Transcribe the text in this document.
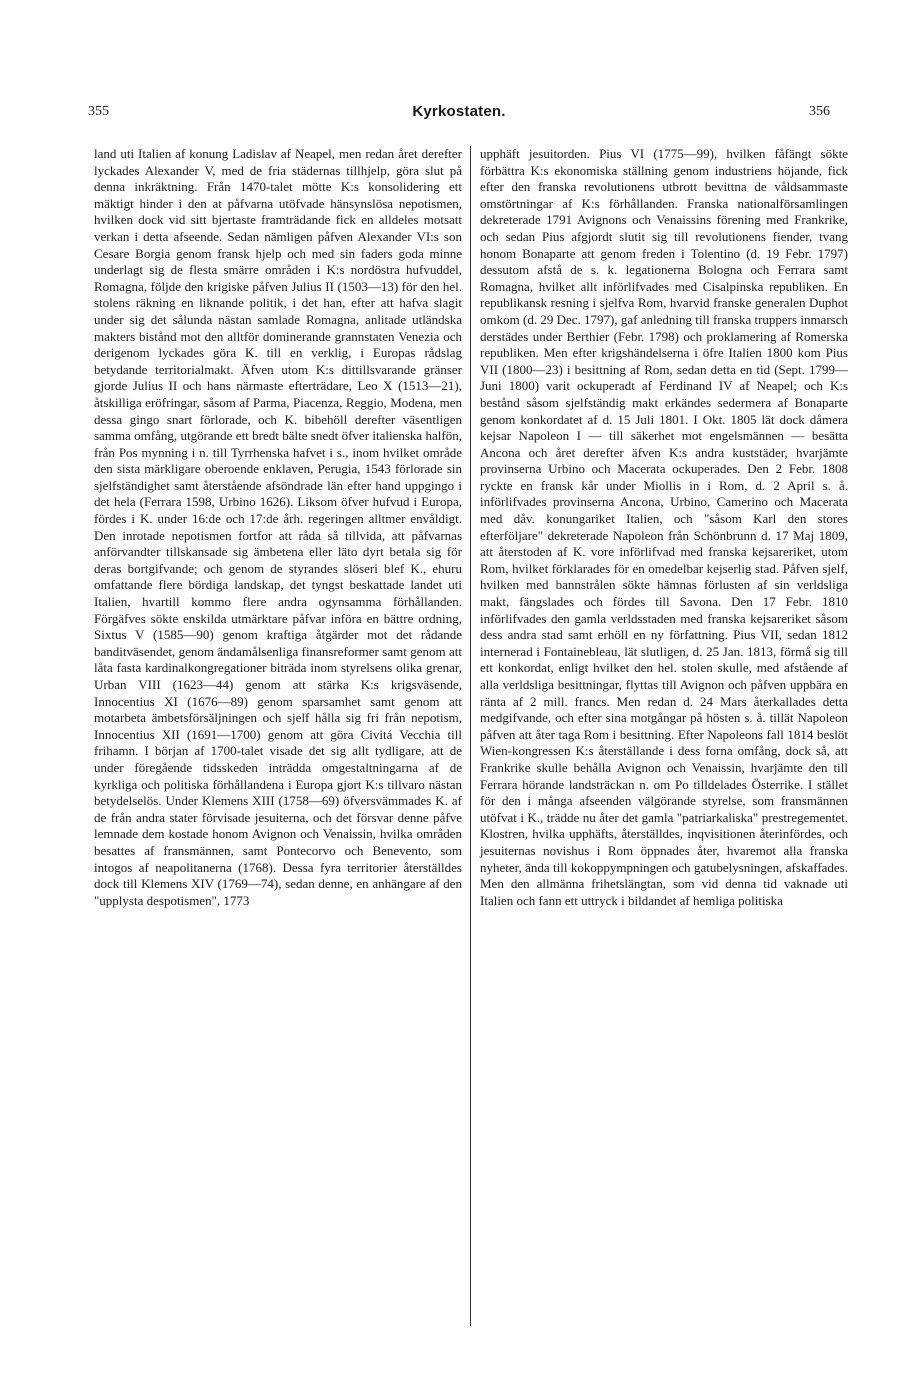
355	Kyrkostaten.	356

land uti Italien af konung Ladislav af Neapel, men redan året derefter lyckades Alexander V, med de fria städernas tillhjelp, göra slut på denna inkräktning. Från 1470-talet mötte K:s konsolidering ett mäktigt hinder i den at påfvarna utöfvade hänsynslösa nepotismen, hvilken dock vid sitt bjertaste framträdande fick en alldeles motsatt verkan i detta afseende. Sedan nämligen påfven Alexander VI:s son Cesare Borgia genom fransk hjelp och med sin faders goda minne underlagt sig de flesta smärre områden i K:s nordöstra hufvuddel, Romagna, följde den krigiske påfven Julius II (1503—13) för den hel. stolens räkning en liknande politik, i det han, efter att hafva slagit under sig det sålunda nästan samlade Romagna, anlitade utländska makters bistånd mot den alltför dominerande grannstaten Venezia och derigenom lyckades göra K. till en verklig, i Europas rådslag betydande territorialmakt. Äfven utom K:s dittillsvarande gränser gjorde Julius II och hans närmaste efterträdare, Leo X (1513—21), åtskilliga eröfringar, såsom af Parma, Piacenza, Reggio, Modena, men dessa gingo snart förlorade, och K. bibehöll derefter väsentligen samma omfång, utgörande ett bredt bälte snedt öfver italienska halfön, från Pos mynning i n. till Tyrrhenska hafvet i s., inom hvilket område den sista märkligare oberoende enklaven, Perugia, 1543 förlorade sin sjelfständighet samt återstående afsöndrade län efter hand uppgingo i det hela (Ferrara 1598, Urbino 1626). Liksom öfver hufvud i Europa, fördes i K. under 16:de och 17:de årh. regeringen alltmer envåldigt. Den inrotade nepotismen fortfor att råda så tillvida, att påfvarnas anförvandter tillskansade sig ämbetena eller läto dyrt betala sig för deras bortgifvande; och genom de styrandes slöseri blef K., ehuru omfattande flere bördiga landskap, det tyngst beskattade landet uti Italien, hvartill kommo flere andra ogynsamma förhållanden. Förgäfves sökte enskilda utmärktare påfvar införa en bättre ordning, Sixtus V (1585—90) genom kraftiga åtgärder mot det rådande banditväsendet, genom ändamålsenliga finansreformer samt genom att låta fasta kardinalkongregationer biträda inom styrelsens olika grenar, Urban VIII (1623—44) genom att stärka K:s krigsväsende, Innocentius XI (1676—89) genom sparsamhet samt genom att motarbeta ämbetsförsäljningen och sjelf hålla sig fri från nepotism, Innocentius XII (1691—1700) genom att göra Civitá Vecchia till frihamn. I början af 1700-talet visade det sig allt tydligare, att de under föregående tidsskeden inträdda omgestaltningarna af de kyrkliga och politiska förhållandena i Europa gjort K:s tillvaro nästan betydelselös. Under Klemens XIII (1758—69) öfversvämmades K. af de från andra stater förvisade jesuiterna, och det försvar denne påfve lemnade dem kostade honom Avignon och Venaissin, hvilka områden besattes af fransmännen, samt Pontecorvo och Benevento, som intogos af neapolitanerna (1768). Dessa fyra territorier återställdes dock till Klemens XIV (1769—74), sedan denne, en anhängare af den "upplysta despotismen", 1773

upphäft jesuitorden. Pius VI (1775—99), hvilken fåfängt sökte förbättra K:s ekonomiska ställning genom industriens höjande, fick efter den franska revolutionens utbrott bevittna de våldsammaste omstörtningar af K:s förhållanden. Franska nationalförsamlingen dekreterade 1791 Avignons och Venaissins förening med Frankrike, och sedan Pius afgjordt slutit sig till revolutionens fiender, tvang honom Bonaparte att genom freden i Tolentino (d. 19 Febr. 1797) dessutom afstå de s. k. legationerna Bologna och Ferrara samt Romagna, hvilket allt införlifvades med Cisalpinska republiken. En republikansk resning i sjelfva Rom, hvarvid franske generalen Duphot omkom (d. 29 Dec. 1797), gaf anledning till franska truppers inmarsch derstädes under Berthier (Febr. 1798) och proklamering af Romerska republiken. Men efter krigshändelserna i öfre Italien 1800 kom Pius VII (1800—23) i besittning af Rom, sedan detta en tid (Sept. 1799—Juni 1800) varit ockuperadt af Ferdinand IV af Neapel; och K:s bestånd såsom sjelfständig makt erkändes sedermera af Bonaparte genom konkordatet af d. 15 Juli 1801. I Okt. 1805 lät dock dåmera kejsar Napoleon I — till säkerhet mot engelsmännen — besätta Ancona och året derefter äfven K:s andra kuststäder, hvarjämte provinserna Urbino och Macerata ockuperades. Den 2 Febr. 1808 ryckte en fransk kår under Miollis in i Rom, d. 2 April s. å. införlifvades provinserna Ancona, Urbino, Camerino och Macerata med dåv. konungariket Italien, och "såsom Karl den stores efterföljare" dekreterade Napoleon från Schönbrunn d. 17 Maj 1809, att återstoden af K. vore införlifvad med franska kejsareriket, utom Rom, hvilket förklarades för en omedelbar kejserlig stad. Påfven sjelf, hvilken med bannstrålen sökte hämnas förlusten af sin verldsliga makt, fängslades och fördes till Savona. Den 17 Febr. 1810 införlifvades den gamla verldsstaden med franska kejsareriket såsom dess andra stad samt erhöll en ny författning. Pius VII, sedan 1812 internerad i Fontainebleau, lät slutligen, d. 25 Jan. 1813, förmå sig till ett konkordat, enligt hvilket den hel. stolen skulle, med afstående af alla verldsliga besittningar, flyttas till Avignon och påfven uppbära en ränta af 2 mill. francs. Men redan d. 24 Mars återkallades detta medgifvande, och efter sina motgångar på hösten s. å. tillät Napoleon påfven att åter taga Rom i besittning. Efter Napoleons fall 1814 beslöt Wien-kongressen K:s återställande i dess forna omfång, dock så, att Frankrike skulle behålla Avignon och Venaissin, hvarjämte den till Ferrara hörande landsträckan n. om Po tilldelades Österrike. I stället för den i många afseenden välgörande styrelse, som fransmännen utöfvat i K., trädde nu åter det gamla "patriarkaliska" prestregementet. Klostren, hvilka upphäfts, återställdes, inqvisitionen återinfördes, och jesuiternas novishus i Rom öppnades åter, hvaremot alla franska nyheter, ända till kokoppympningen och gatubelysningen, afskaffades. Men den allmänna frihetslängtan, som vid denna tid vaknade uti Italien och fann ett uttryck i bildandet af hemliga politiska
